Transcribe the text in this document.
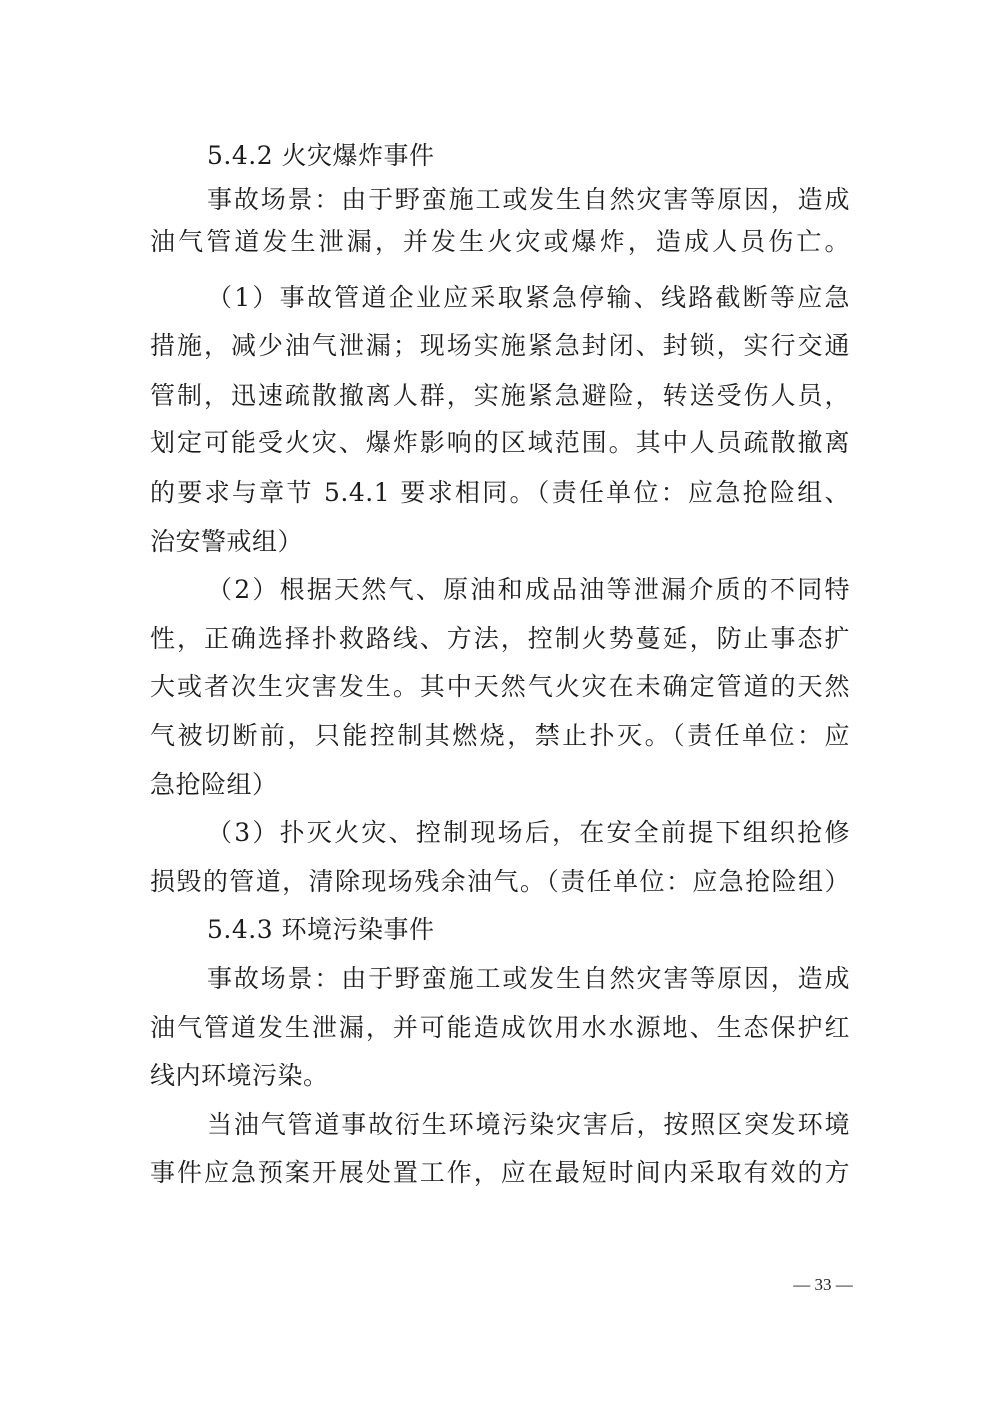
5.4.2 火灾爆炸事件
事故场景：由于野蛮施工或发生自然灾害等原因，造成
油气管道发生泄漏，并发生火灾或爆炸，造成人员伤亡。
（1）事故管道企业应采取紧急停输、线路截断等应急
措施，减少油气泄漏；现场实施紧急封闭、封锁，实行交通
管制，迅速疏散撤离人群，实施紧急避险，转送受伤人员，
划定可能受火灾、爆炸影响的区域范围。其中人员疏散撤离
的要求与章节 5.4.1 要求相同。（责任单位：应急抢险组、
治安警戒组）
（2）根据天然气、原油和成品油等泄漏介质的不同特
性，正确选择扑救路线、方法，控制火势蔓延，防止事态扩
大或者次生灾害发生。其中天然气火灾在未确定管道的天然
气被切断前，只能控制其燃烧，禁止扑灭。（责任单位：应
急抢险组）
（3）扑灭火灾、控制现场后，在安全前提下组织抢修
损毁的管道，清除现场残余油气。（责任单位：应急抢险组）
5.4.3 环境污染事件
事故场景：由于野蛮施工或发生自然灾害等原因，造成
油气管道发生泄漏，并可能造成饮用水水源地、生态保护红
线内环境污染。
当油气管道事故衍生环境污染灾害后，按照区突发环境
事件应急预案开展处置工作，应在最短时间内采取有效的方
— 33 —
